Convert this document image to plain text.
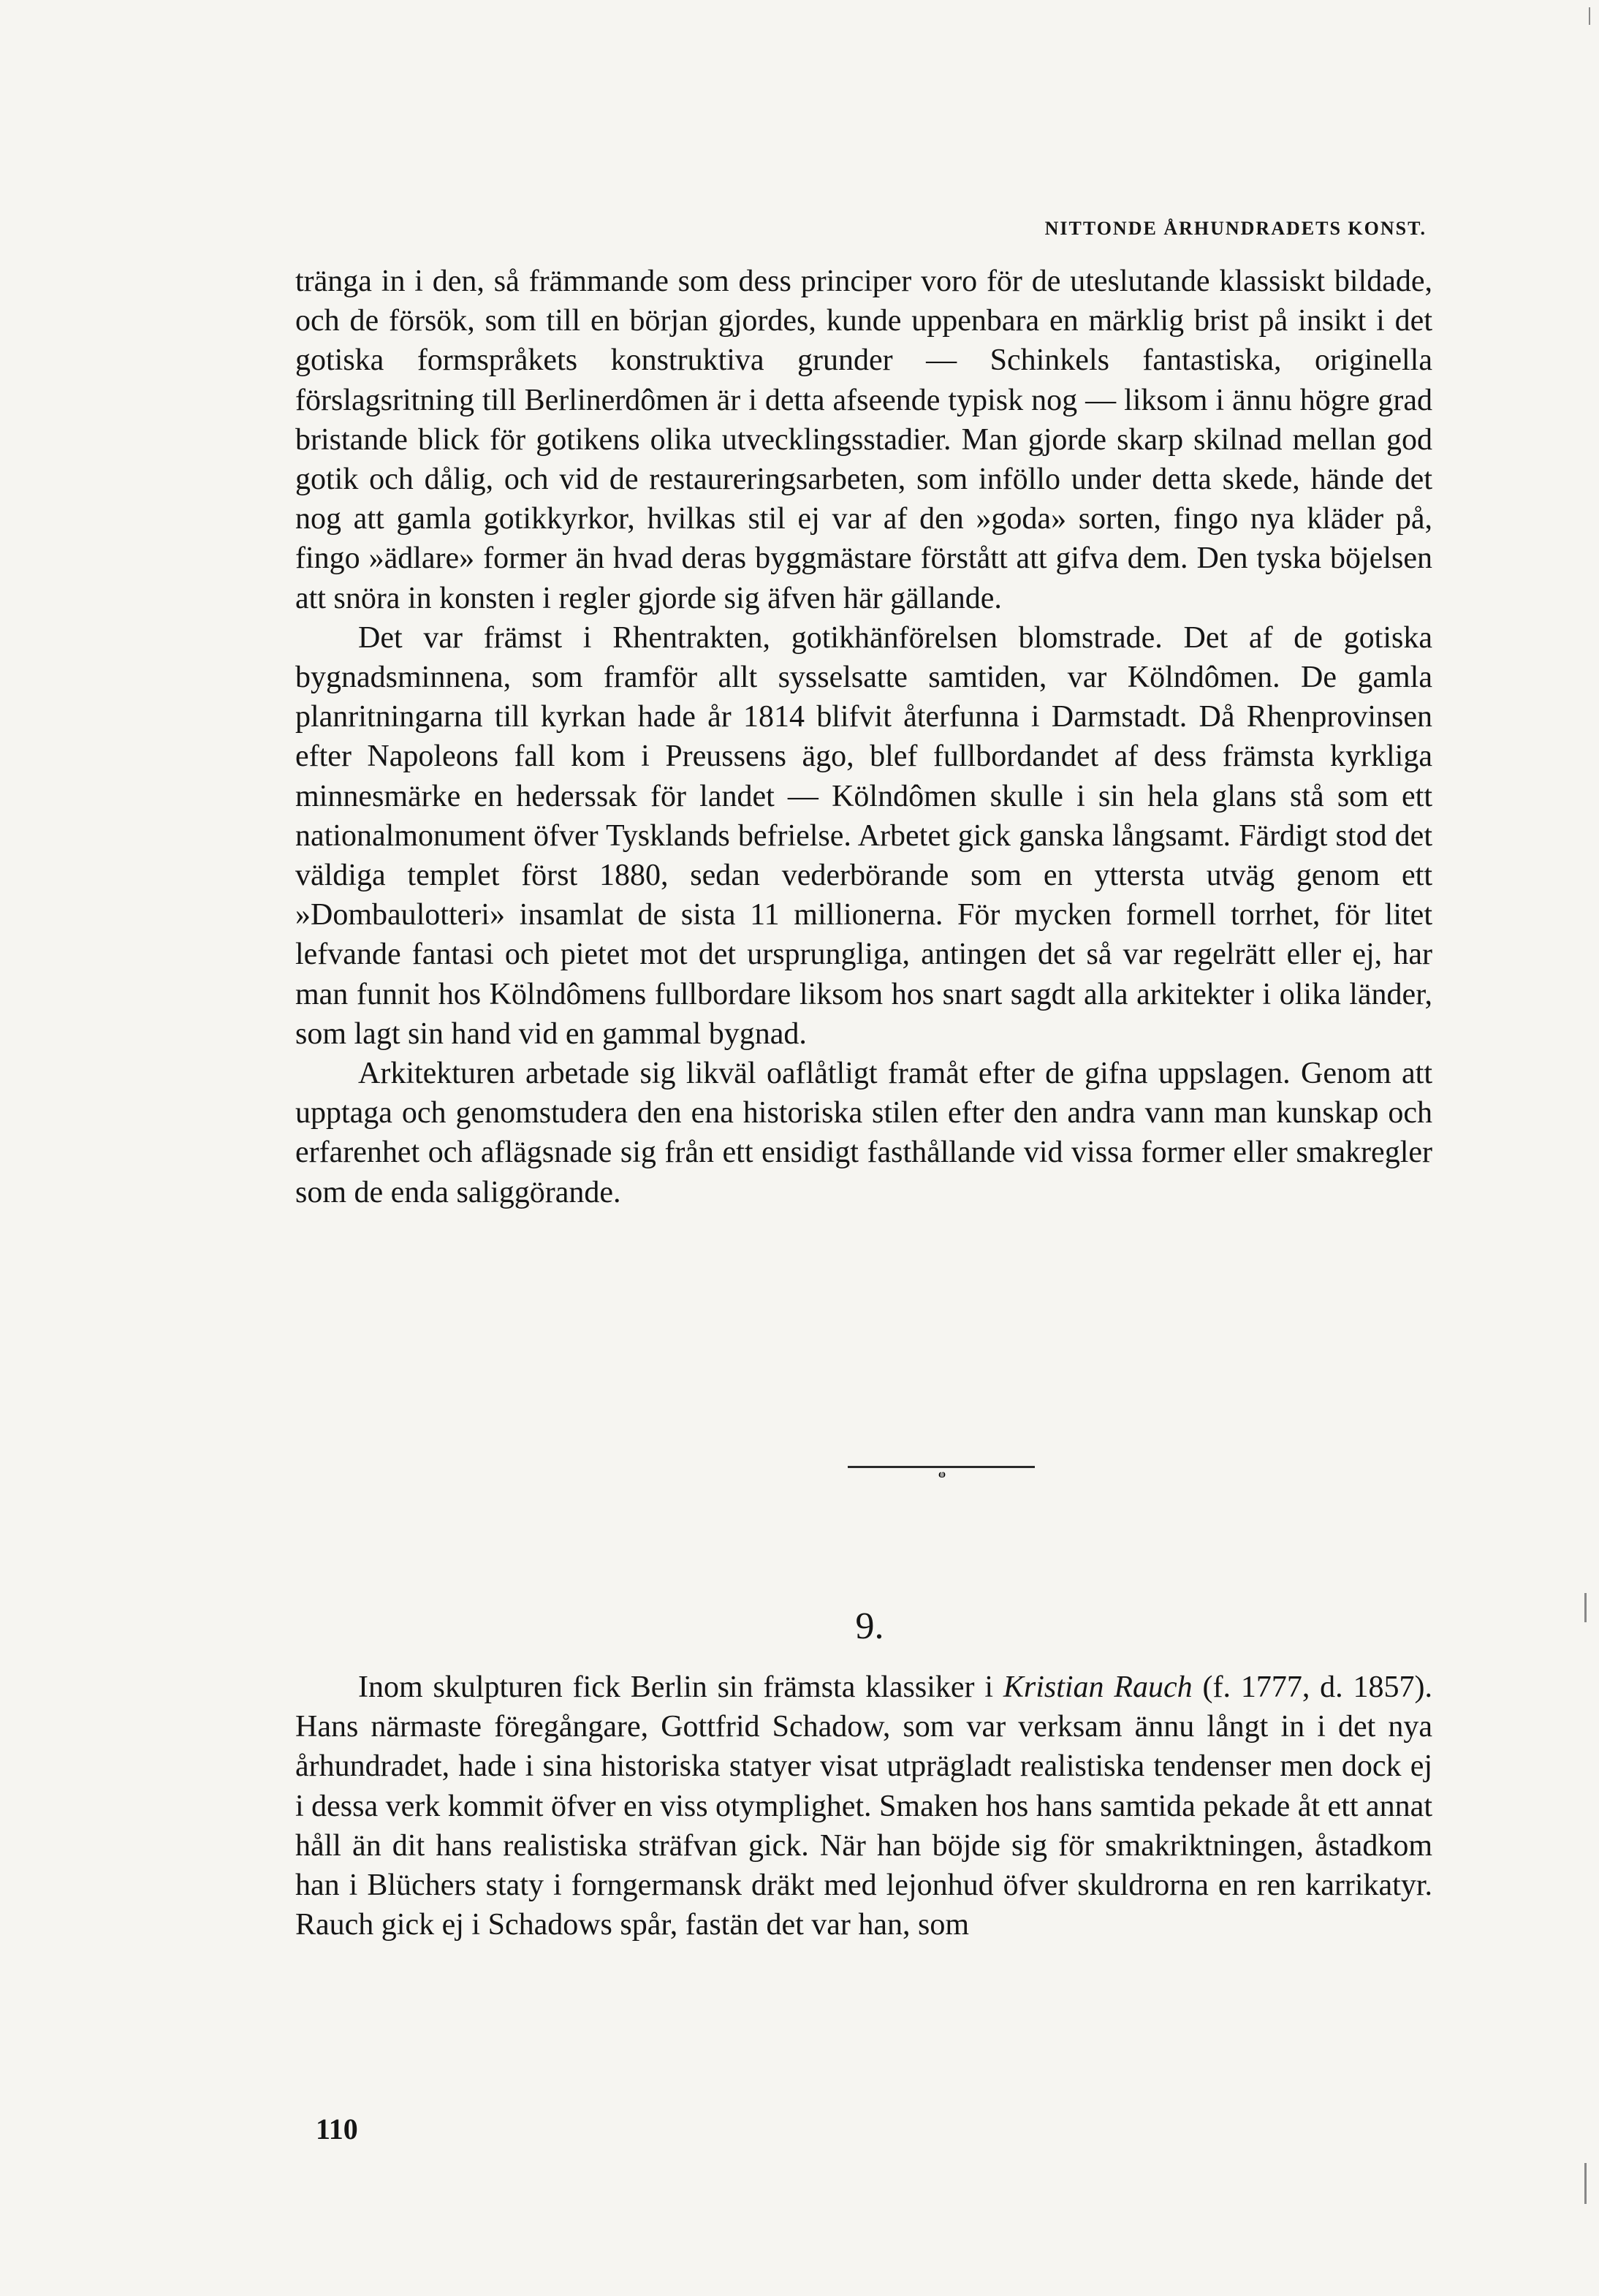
NITTONDE ÅRHUNDRADETS KONST.

tränga in i den, så främmande som dess principer voro för de uteslutande klassiskt bildade, och de försök, som till en början gjordes, kunde uppenbara en märklig brist på insikt i det gotiska formspråkets konstruktiva grunder — Schinkels fantastiska, originella förslagsritning till Berlinerdômen är i detta afseende typisk nog — liksom i ännu högre grad bristande blick för gotikens olika utvecklingsstadier. Man gjorde skarp skilnad mellan god gotik och dålig, och vid de restaureringsarbeten, som inföllo under detta skede, hände det nog att gamla gotikkyrkor, hvilkas stil ej var af den »goda» sorten, fingo nya kläder på, fingo »ädlare» former än hvad deras byggmästare förstått att gifva dem. Den tyska böjelsen att snöra in konsten i regler gjorde sig äfven här gällande.

Det var främst i Rhentrakten, gotikhänförelsen blomstrade. Det af de gotiska bygnadsminnena, som framför allt sysselsatte samtiden, var Kölndômen. De gamla planritningarna till kyrkan hade år 1814 blifvit återfunna i Darmstadt. Då Rhenprovinsen efter Napoleons fall kom i Preussens ägo, blef fullbordandet af dess främsta kyrkliga minnesmärke en hederssak för landet — Kölndômen skulle i sin hela glans stå som ett nationalmonument öfver Tysklands befrielse. Arbetet gick ganska långsamt. Färdigt stod det väldiga templet först 1880, sedan vederbörande som en yttersta utväg genom ett »Dombaulotteri» insamlat de sista 11 millionerna. För mycken formell torrhet, för litet lefvande fantasi och pietet mot det ursprungliga, antingen det så var regelrätt eller ej, har man funnit hos Kölndômens fullbordare liksom hos snart sagdt alla arkitekter i olika länder, som lagt sin hand vid en gammal bygnad.

Arkitekturen arbetade sig likväl oaflåtligt framåt efter de gifna uppslagen. Genom att upptaga och genomstudera den ena historiska stilen efter den andra vann man kunskap och erfarenhet och aflägsnade sig från ett ensidigt fasthållande vid vissa former eller smakregler som de enda saliggörande.

ⱷ
9.

Inom skulpturen fick Berlin sin främsta klassiker i Kristian Rauch (f. 1777, d. 1857). Hans närmaste föregångare, Gottfrid Schadow, som var verksam ännu långt in i det nya århundradet, hade i sina historiska statyer visat utprägladt realistiska tendenser men dock ej i dessa verk kommit öfver en viss otymplighet. Smaken hos hans samtida pekade åt ett annat håll än dit hans realistiska sträfvan gick. När han böjde sig för smakriktningen, åstadkom han i Blüchers staty i forngermansk dräkt med lejonhud öfver skuldrorna en ren karrikatyr. Rauch gick ej i Schadows spår, fastän det var han, som

110
